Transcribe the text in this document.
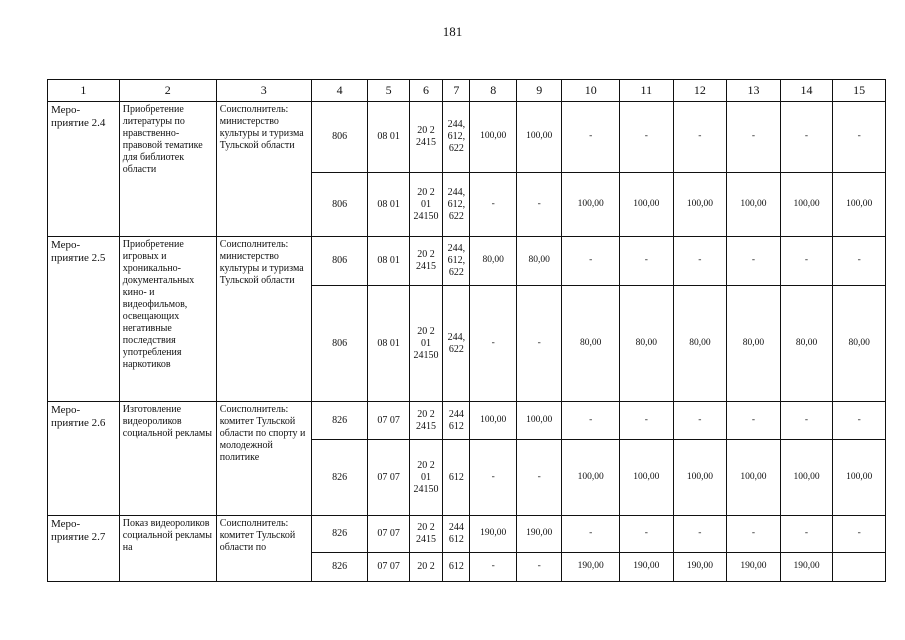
181
1	2	3	4	5	6	7	8	9	10	11	12	13	14	15
Меро-приятие 2.4	Приобретение литературы по нравственно-правовой тематике для библиотек области	Соисполнитель: министерство культуры и туризма Тульской области	806	08 01	20 2 2415	244, 612, 622	100,00	100,00	-	-	-	-	-	-
			806	08 01	20 2 01 24150	244, 612, 622	-	-	100,00	100,00	100,00	100,00	100,00	100,00
Меро-приятие 2.5	Приобретение игровых и хроникально-документальных кино- и видеофильмов, освещающих негативные последствия употребления наркотиков	Соисполнитель: министерство культуры и туризма Тульской области	806	08 01	20 2 2415	244, 612, 622	80,00	80,00	-	-	-	-	-	-
			806	08 01	20 2 01 24150	244, 622	-	-	80,00	80,00	80,00	80,00	80,00	80,00
Меро-приятие 2.6	Изготовление видеороликов социальной рекламы	Соисполнитель: комитет Тульской области по спорту и молодежной политике	826	07 07	20 2 2415	244 612	100,00	100,00	-	-	-	-	-	-
			826	07 07	20 2 01 24150	612	-	-	100,00	100,00	100,00	100,00	100,00	100,00
Меро-приятие 2.7	Показ видеороликов социальной рекламы на	Соисполнитель: комитет Тульской области по	826	07 07	20 2 2415	244 612	190,00	190,00	-	-	-	-	-	-
			826	07 07	20 2	612	-	-	190,00	190,00	190,00	190,00	190,00	
